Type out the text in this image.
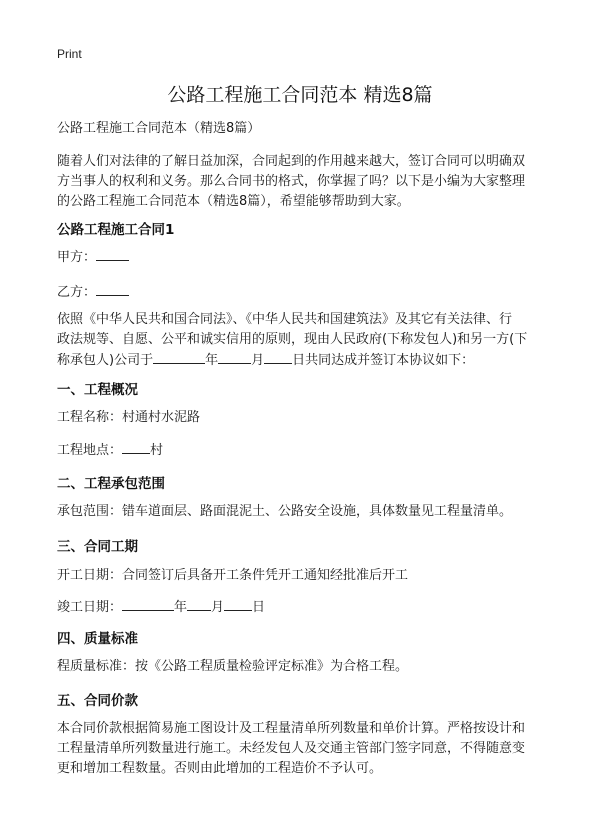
Print
公路工程施工合同范本 精选8篇
公路工程施工合同范本（精选8篇）
随着人们对法律的了解日益加深，合同起到的作用越来越大，签订合同可以明确双
方当事人的权利和义务。那么合同书的格式，你掌握了吗？以下是小编为大家整理
的公路工程施工合同范本（精选8篇），希望能够帮助到大家。
公路工程施工合同1
甲方：
乙方：
依照《中华人民共和国合同法》、《中华人民共和国建筑法》及其它有关法律、行
政法规等、自愿、公平和诚实信用的原则，现由人民政府(下称发包人)和另一方(下
称承包人)公司于	年	月 日共同达成并签订本协议如下：
一、工程概况
工程名称：村通村水泥路
工程地点： 村
二、工程承包范围
承包范围：错车道面层、路面混泥土、公路安全设施，具体数量见工程量清单。
三、合同工期
开工日期：合同签订后具备开工条件凭开工通知经批准后开工
竣工日期：	年 月 日
四、质量标准
程质量标准：按《公路工程质量检验评定标准》为合格工程。
五、合同价款
本合同价款根据简易施工图设计及工程量清单所列数量和单价计算。严格按设计和
工程量清单所列数量进行施工。未经发包人及交通主管部门签字同意，不得随意变
更和增加工程数量。否则由此增加的工程造价不予认可。
